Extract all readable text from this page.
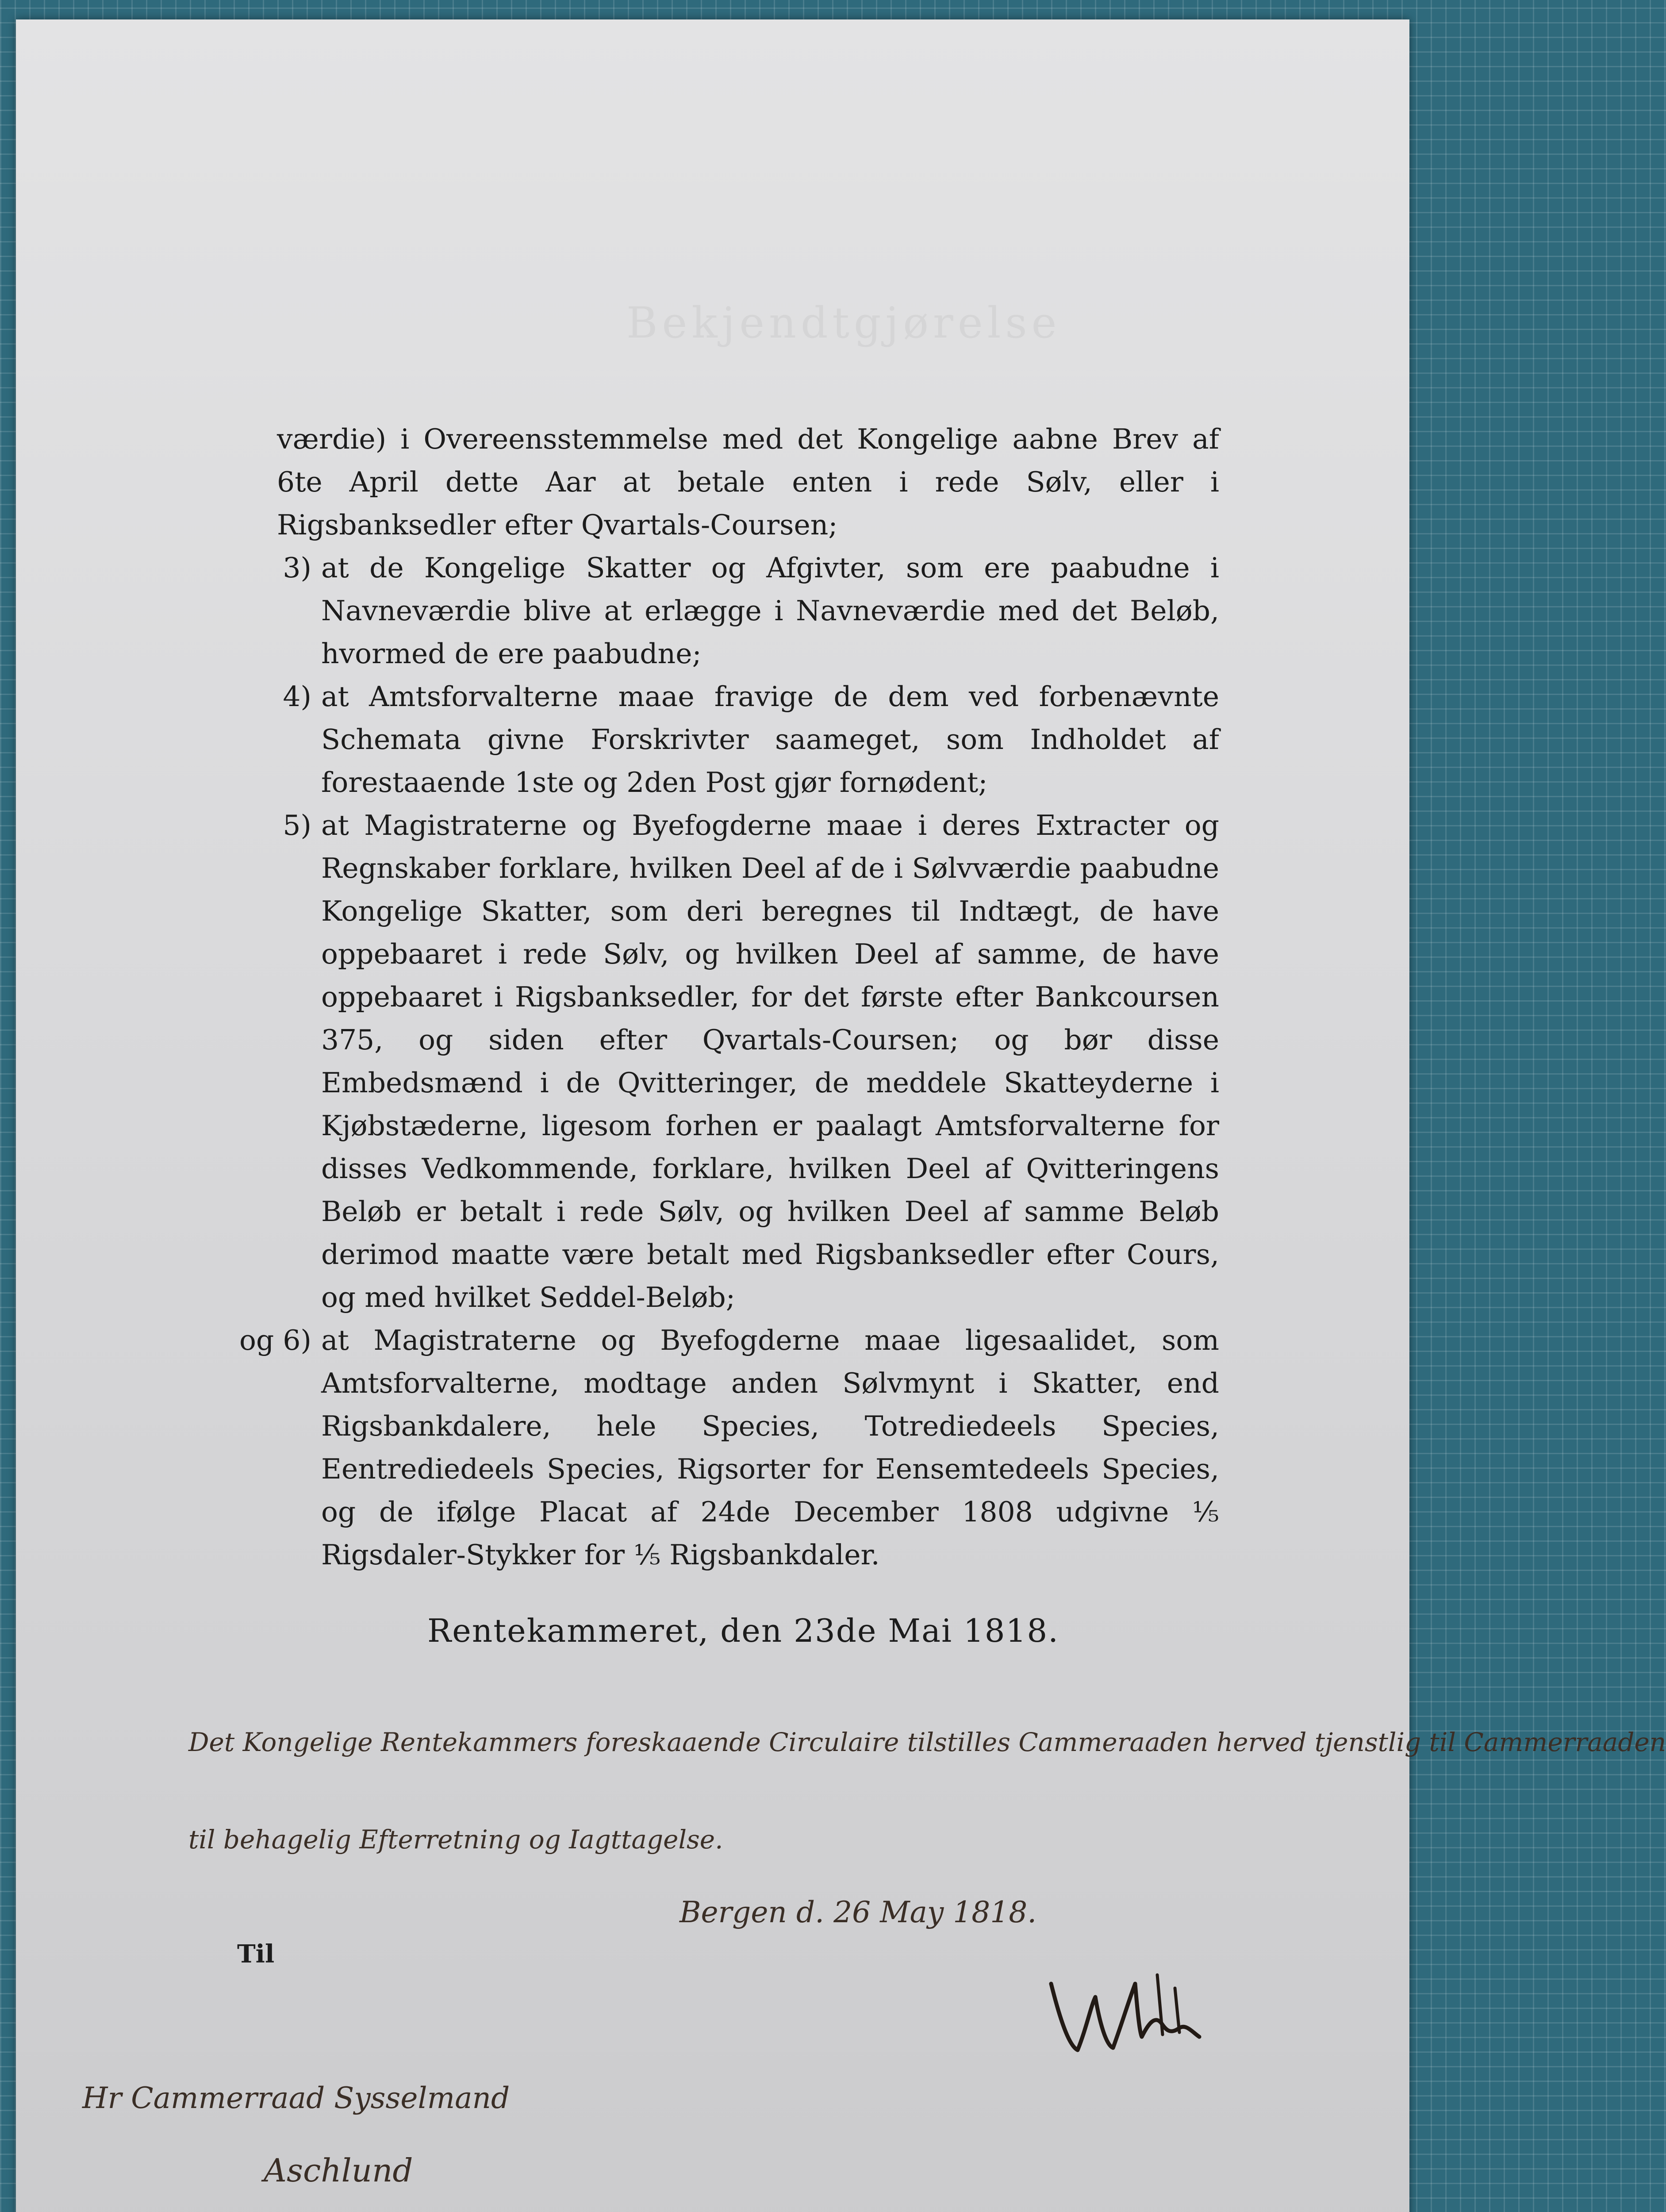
Bekjendtgjørelse

værdie) i Overeensstemmelse med det Kongelige aabne Brev af 6te April dette Aar at betale enten i rede Sølv, eller i Rigsbanksedler efter Qvartals-Coursen;

3) at de Kongelige Skatter og Afgivter, som ere paabudne i Navneværdie blive at erlægge i Navneværdie med det Beløb, hvormed de ere paabudne;

4) at Amtsforvalterne maae fravige de dem ved forbenævnte Schemata givne Forskrivter saameget, som Indholdet af forestaaende 1ste og 2den Post gjør fornødent;

5) at Magistraterne og Byefogderne maae i deres Extracter og Regnskaber forklare, hvilken Deel af de i Sølvværdie paabudne Kongelige Skatter, som deri beregnes til Indtægt, de have oppebaaret i rede Sølv, og hvilken Deel af samme, de have oppebaaret i Rigsbanksedler, for det første efter Bankcoursen 375, og siden efter Qvartals-Coursen; og bør disse Embedsmænd i de Qvitteringer, de meddele Skatteyderne i Kjøbstæderne, ligesom forhen er paalagt Amtsforvalterne for disses Vedkommende, forklare, hvilken Deel af Qvitteringens Beløb er betalt i rede Sølv, og hvilken Deel af samme Beløb derimod maatte være betalt med Rigsbanksedler efter Cours, og med hvilket Seddel-Beløb;

og 6) at Magistraterne og Byefogderne maae ligesaalidet, som Amtsforvalterne, modtage anden Sølvmynt i Skatter, end Rigsbankdalere, hele Species, Totrediedeels Species, Eentrediedeels Species, Rigsorter for Eensemtedeels Species, og de ifølge Placat af 24de December 1808 udgivne ⅕ Rigsdaler-Stykker for ⅕ Rigsbankdaler.

Rentekammeret, den 23de Mai 1818.
Det Kongelige Rentekammers foreskaaende Circulaire tilstilles Cammeraaden herved tjenstlig til Cammerraaden
til behagelig Efterretning og Iagttagelse.
Bergen d. 26 May 1818.
Til
Hr Cammerraad Sysselmand
Aschlund
